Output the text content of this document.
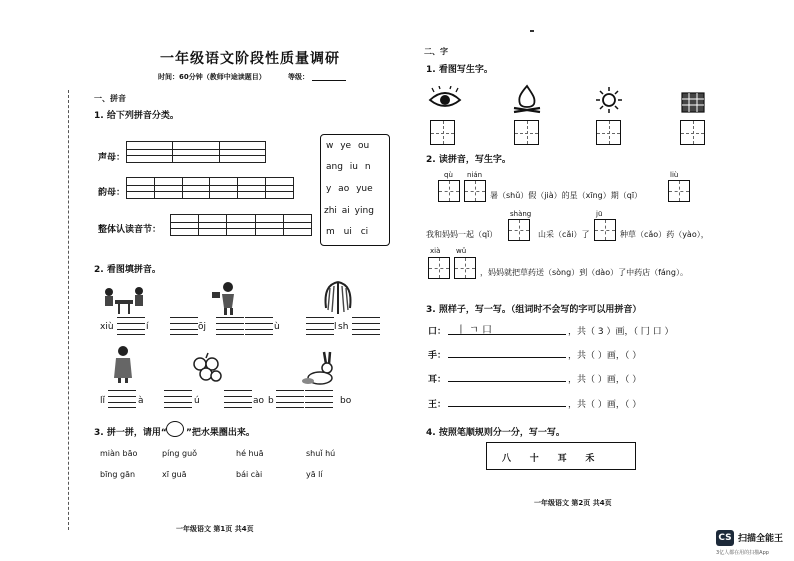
一年级语文阶段性质量调研
时间：60分钟（教师中途读题目）	等级：
一、拼音
1. 给下列拼音分类。
声母：
韵母：
整体认读音节：
w ye ou
ang iu n
y ao yue
zhi ai ying
m ui ci
2. 看图填拼音。
xiù	í	ōj	ù	l sh
lǐ	à	ú	ao b	bo
3. 拼一拼，请用“ ”把水果圈出来。
miàn bāo	píng guǒ	hé huā	shuǐ hú
bīng gān	xī guā	bái cài	yā lí
一年级语文 第1页 共4页
二、字
1. 看图写生字。
2. 读拼音，写生字。
qù nián
暑（shǔ）假（jià）的星（xīng）期（qī）
liù
shàng	jū
我和妈妈一起（qǐ）	山采（cǎi）了	种草（cǎo）药（yào），
xià wǔ
，妈妈就把草药送（sòng）到（dào）了中药店（fáng）。
3. 照样子，写一写。（组词时不会写的字可以用拼音）
口： 丨 ㄱ 口	，共（ 3 ）画，（ 冂 口 ）
手：	，共（ ）画，（ ）
耳：	，共（ ）画，（ ）
王：	，共（ ）画，（ ）
4. 按照笔顺规则分一分，写一写。
八      十      耳      禾
一年级语文 第2页 共4页
CS 扫描全能王
3亿人都在用的扫描App
